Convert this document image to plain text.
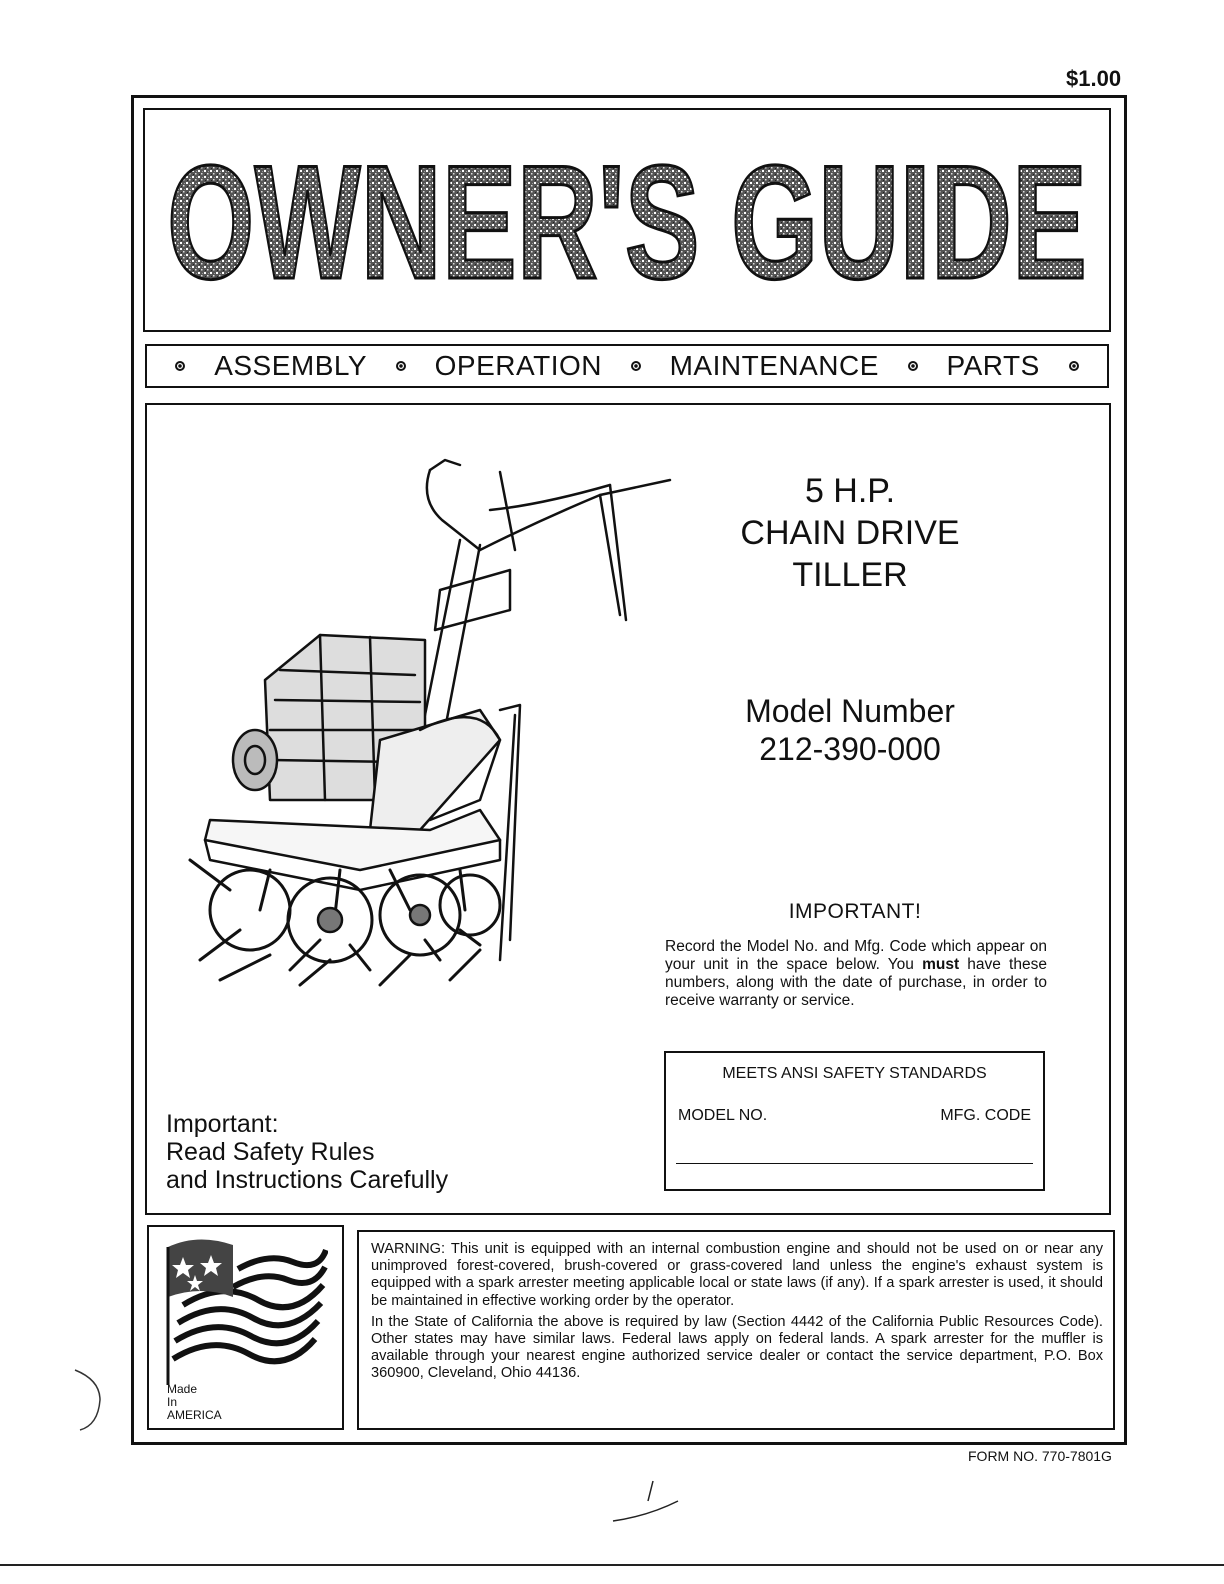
$1.00
OWNER'S GUIDE
ASSEMBLY OPERATION MAINTENANCE PARTS
5 H.P.
CHAIN DRIVE
TILLER
Model Number
212-390-000
IMPORTANT!
Record the Model No. and Mfg. Code which appear on your unit in the space below. You must have these numbers, along with the date of purchase, in order to receive warranty or service.
MEETS ANSI SAFETY STANDARDS
MODEL NO.	MFG. CODE
Important:
Read Safety Rules
and Instructions Carefully
Made
In
AMERICA

WARNING: This unit is equipped with an internal combustion engine and should not be used on or near any unimproved forest-covered, brush-covered or grass-covered land unless the engine's exhaust system is equipped with a spark arrester meeting applicable local or state laws (if any). If a spark arrester is used, it should be maintained in effective working order by the operator.

In the State of California the above is required by law (Section 4442 of the California Public Resources Code). Other states may have similar laws. Federal laws apply on federal lands. A spark arrester for the muffler is available through your nearest engine authorized service dealer or contact the service department, P.O. Box 360900, Cleveland, Ohio 44136.

FORM NO. 770-7801G
